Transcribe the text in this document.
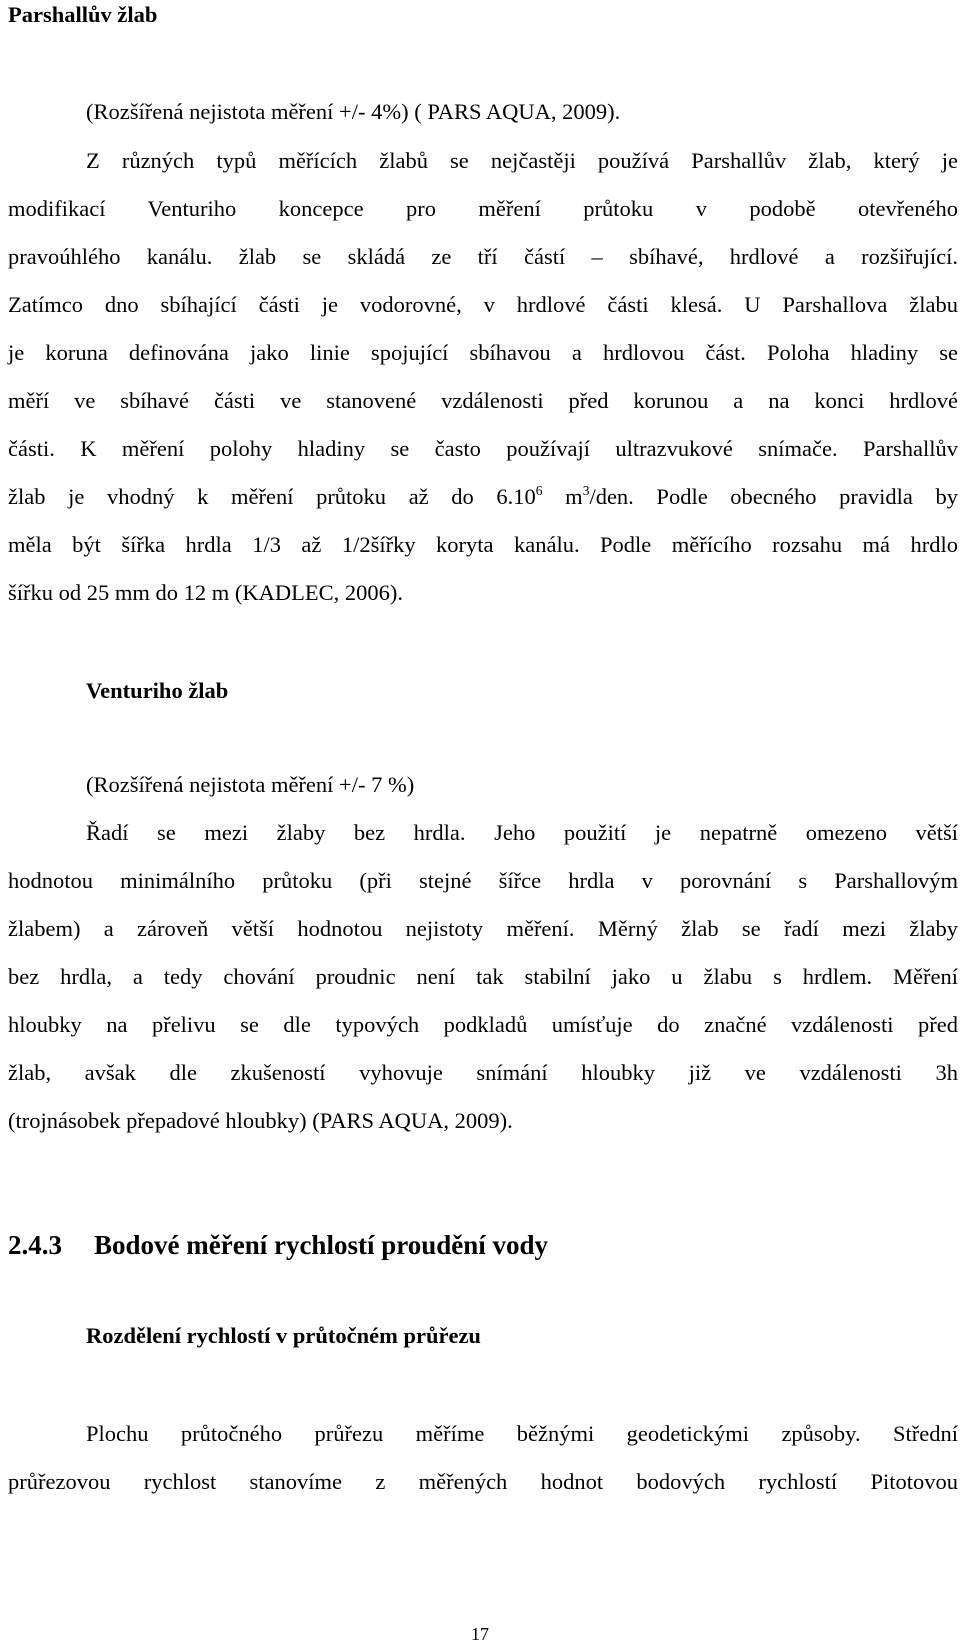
Parshallův žlab
(Rozšířená nejistota měření +/- 4%) ( PARS AQUA, 2009).
Z různých typů měřících žlabů se nejčastěji používá Parshallův žlab, který je
modifikací Venturiho koncepce pro měření průtoku v podobě otevřeného
pravoúhlého kanálu. žlab se skládá ze tří částí – sbíhavé, hrdlové a rozšiřující.
Zatímco dno sbíhající části je vodorovné, v hrdlové části klesá. U Parshallova žlabu
je koruna definována jako linie spojující sbíhavou a hrdlovou část. Poloha hladiny se
měří ve sbíhavé části ve stanovené vzdálenosti před korunou a na konci hrdlové
části. K měření polohy hladiny se často používají ultrazvukové snímače. Parshallův
žlab je vhodný k měření průtoku až do 6.10$^6$ $m^3$/den. Podle obecného pravidla by
měla být šířka hrdla 1/3 až 1/2šířky koryta kanálu. Podle měřícího rozsahu má hrdlo
šířku od 25 mm do 12 m (KADLEC, 2006).
Venturiho žlab
(Rozšířená nejistota měření +/- 7 %)
Řadí se mezi žlaby bez hrdla. Jeho použití je nepatrně omezeno větší
hodnotou minimálního průtoku (při stejné šířce hrdla v porovnání s Parshallovým
žlabem) a zároveň větší hodnotou nejistoty měření. Měrný žlab se řadí mezi žlaby
bez hrdla, a tedy chování proudnic není tak stabilní jako u žlabu s hrdlem. Měření
hloubky na přelivu se dle typových podkladů umísťuje do značné vzdálenosti před
žlab, avšak dle zkušeností vyhovuje snímání hloubky již ve vzdálenosti 3h
(trojnásobek přepadové hloubky) (PARS AQUA, 2009).
2.4.3 Bodové měření rychlostí proudění vody
Rozdělení rychlostí v průtočném průřezu
Plochu průtočného průřezu měříme běžnými geodetickými způsoby. Střední
průřezovou rychlost stanovíme z měřených hodnot bodových rychlostí Pitotovou
17
